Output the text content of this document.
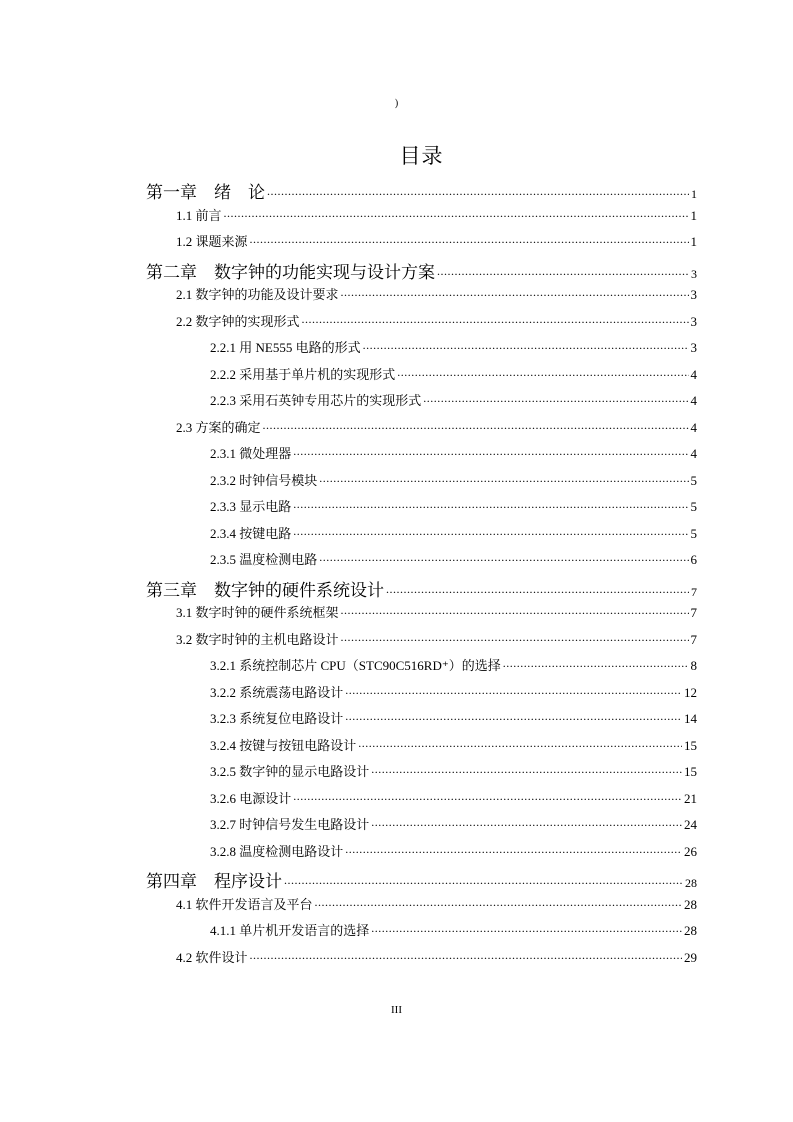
)
目录
第一章　绪　论 .....	1
1.1 前言 .....	1
1.2 课题来源 .....	1
第二章　数字钟的功能实现与设计方案 .....	3
2.1 数字钟的功能及设计要求 .....	3
2.2 数字钟的实现形式 .....	3
2.2.1 用 NE555 电路的形式 .....	3
2.2.2 采用基于单片机的实现形式 .....	4
2.2.3 采用石英钟专用芯片的实现形式 .....	4
2.3 方案的确定 .....	4
2.3.1 微处理器 .....	4
2.3.2 时钟信号模块 .....	5
2.3.3 显示电路 .....	5
2.3.4 按键电路 .....	5
2.3.5 温度检测电路 .....	6
第三章　数字钟的硬件系统设计 .....	7
3.1 数字时钟的硬件系统框架 .....	7
3.2 数字时钟的主机电路设计 .....	7
3.2.1 系统控制芯片 CPU（STC90C516RD⁺）的选择 .....	8
3.2.2 系统震荡电路设计 .....	12
3.2.3 系统复位电路设计 .....	14
3.2.4 按键与按钮电路设计 .....	15
3.2.5 数字钟的显示电路设计 .....	15
3.2.6 电源设计 .....	21
3.2.7 时钟信号发生电路设计 .....	24
3.2.8 温度检测电路设计 .....	26
第四章　程序设计 .....	28
4.1 软件开发语言及平台 .....	28
4.1.1 单片机开发语言的选择 .....	28
4.2 软件设计 .....	29
III
